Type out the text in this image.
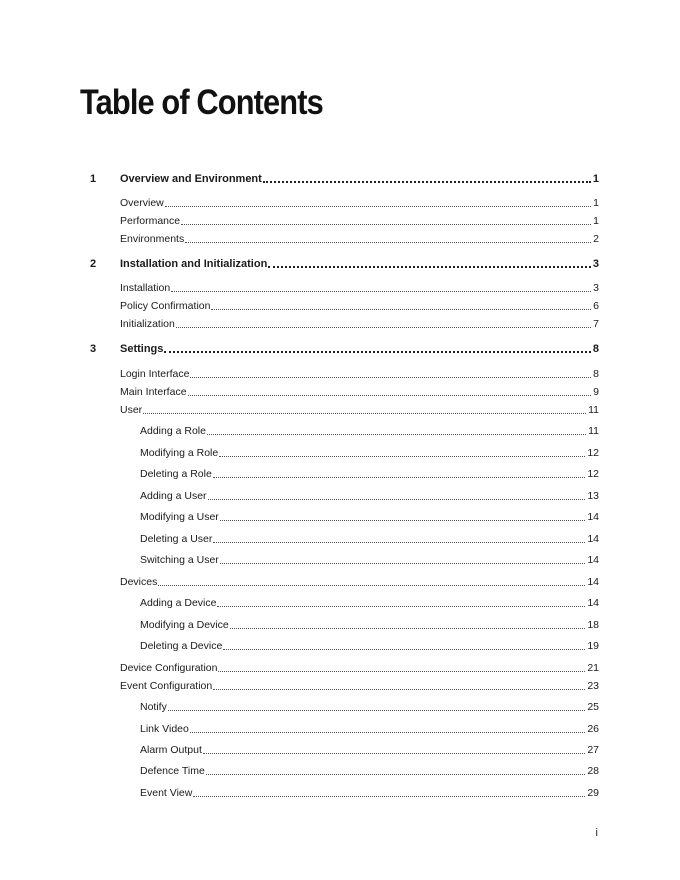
Table of Contents
1 Overview and Environment	1
Overview	1
Performance	1
Environments	2
2 Installation and Initialization	3
Installation	3
Policy Confirmation	6
Initialization	7
3 Settings	8
Login Interface	8
Main Interface	9
User	11
Adding a Role	11
Modifying a Role	12
Deleting a Role	12
Adding a User	13
Modifying a User	14
Deleting a User	14
Switching a User	14
Devices	14
Adding a Device	14
Modifying a Device	18
Deleting a Device	19
Device Configuration	21
Event Configuration	23
Notify	25
Link Video	26
Alarm Output	27
Defence Time	28
Event View	29
i
